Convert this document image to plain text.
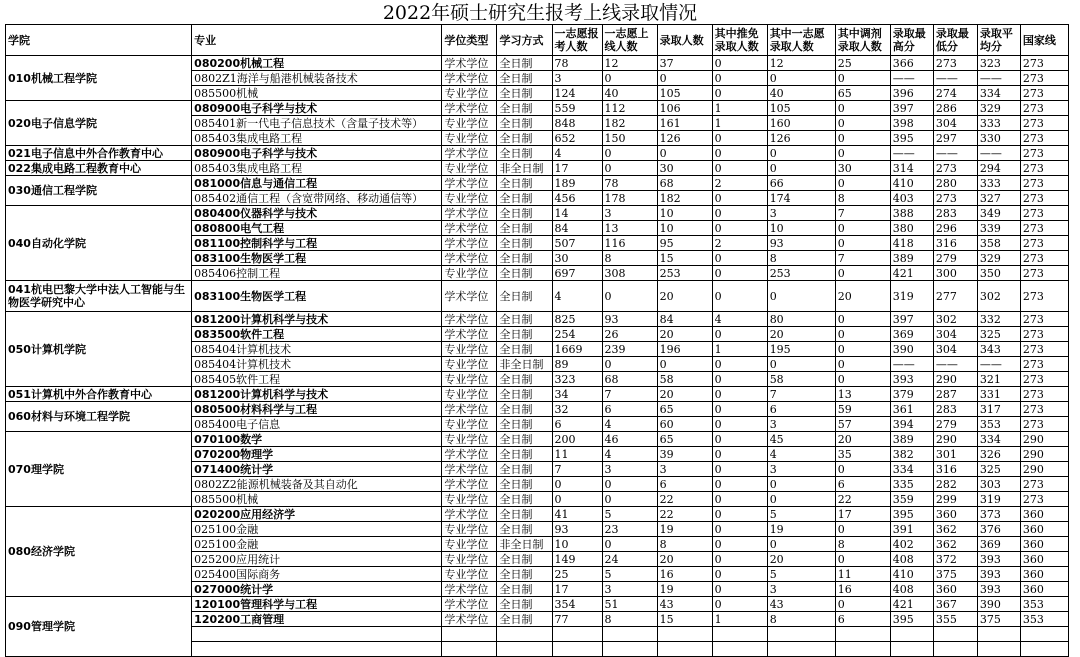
2022年硕士研究生报考上线录取情况
学院	专业	学位类型	学习方式	一志愿报考人数	一志愿上线人数	录取人数	其中推免录取人数	其中一志愿录取人数	其中调剂录取人数	录取最高分	录取最低分	录取平均分	国家线
010机械工程学院	080200机械工程	学术学位	全日制	78	12	37	0	12	25	366	273	323	273
	0802Z1海洋与船港机械装备技术	学术学位	全日制	3	0	0	0	0	0	——	——	——	273
	085500机械	专业学位	全日制	124	40	105	0	40	65	396	274	334	273
020电子信息学院	080900电子科学与技术	学术学位	全日制	559	112	106	1	105	0	397	286	329	273
	085401新一代电子信息技术（含量子技术等）	专业学位	全日制	848	182	161	1	160	0	398	304	333	273
	085403集成电路工程	专业学位	全日制	652	150	126	0	126	0	395	297	330	273
021电子信息中外合作教育中心	080900电子科学与技术	学术学位	全日制	4	0	0	0	0	0	——	——	——	273
022集成电路工程教育中心	085403集成电路工程	专业学位	非全日制	17	0	30	0	0	30	314	273	294	273
030通信工程学院	081000信息与通信工程	学术学位	全日制	189	78	68	2	66	0	410	280	333	273
	085402通信工程（含宽带网络、移动通信等）	专业学位	全日制	456	178	182	0	174	8	403	273	327	273
040自动化学院	080400仪器科学与技术	学术学位	全日制	14	3	10	0	3	7	388	283	349	273
	080800电气工程	学术学位	全日制	84	13	10	0	10	0	380	296	339	273
	081100控制科学与工程	学术学位	全日制	507	116	95	2	93	0	418	316	358	273
	083100生物医学工程	学术学位	全日制	30	8	15	0	8	7	389	279	329	273
	085406控制工程	专业学位	全日制	697	308	253	0	253	0	421	300	350	273
041杭电巴黎大学中法人工智能与生物医学研究中心	083100生物医学工程	学术学位	全日制	4	0	20	0	0	20	319	277	302	273
050计算机学院	081200计算机科学与技术	学术学位	全日制	825	93	84	4	80	0	397	302	332	273
	083500软件工程	学术学位	全日制	254	26	20	0	20	0	369	304	325	273
	085404计算机技术	专业学位	全日制	1669	239	196	1	195	0	390	304	343	273
	085404计算机技术	专业学位	非全日制	89	0	0	0	0	0	——	——	——	273
	085405软件工程	专业学位	全日制	323	68	58	0	58	0	393	290	321	273
051计算机中外合作教育中心	081200计算机科学与技术	专业学位	全日制	34	7	20	0	7	13	379	287	331	273
060材料与环境工程学院	080500材料科学与工程	学术学位	全日制	32	6	65	0	6	59	361	283	317	273
	085400电子信息	专业学位	全日制	6	4	60	0	3	57	394	279	353	273
070理学院	070100数学	专业学位	全日制	200	46	65	0	45	20	389	290	334	290
	070200物理学	学术学位	全日制	11	4	39	0	4	35	382	301	326	290
	071400统计学	学术学位	全日制	7	3	3	0	3	0	334	316	325	290
	0802Z2能源机械装备及其自动化	学术学位	全日制	0	0	6	0	0	6	335	282	303	273
	085500机械	专业学位	全日制	0	0	22	0	0	22	359	299	319	273
080经济学院	020200应用经济学	学术学位	全日制	41	5	22	0	5	17	395	360	373	360
	025100金融	专业学位	全日制	93	23	19	0	19	0	391	362	376	360
	025100金融	专业学位	非全日制	10	0	8	0	0	8	402	362	369	360
	025200应用统计	专业学位	全日制	149	24	20	0	20	0	408	372	393	360
	025400国际商务	专业学位	全日制	25	5	16	0	5	11	410	375	393	360
	027000统计学	学术学位	全日制	17	3	19	0	3	16	408	360	393	360
090管理学院	120100管理科学与工程	学术学位	全日制	354	51	43	0	43	0	421	367	390	353
	120200工商管理	学术学位	全日制	77	8	15	1	8	6	395	355	375	353
